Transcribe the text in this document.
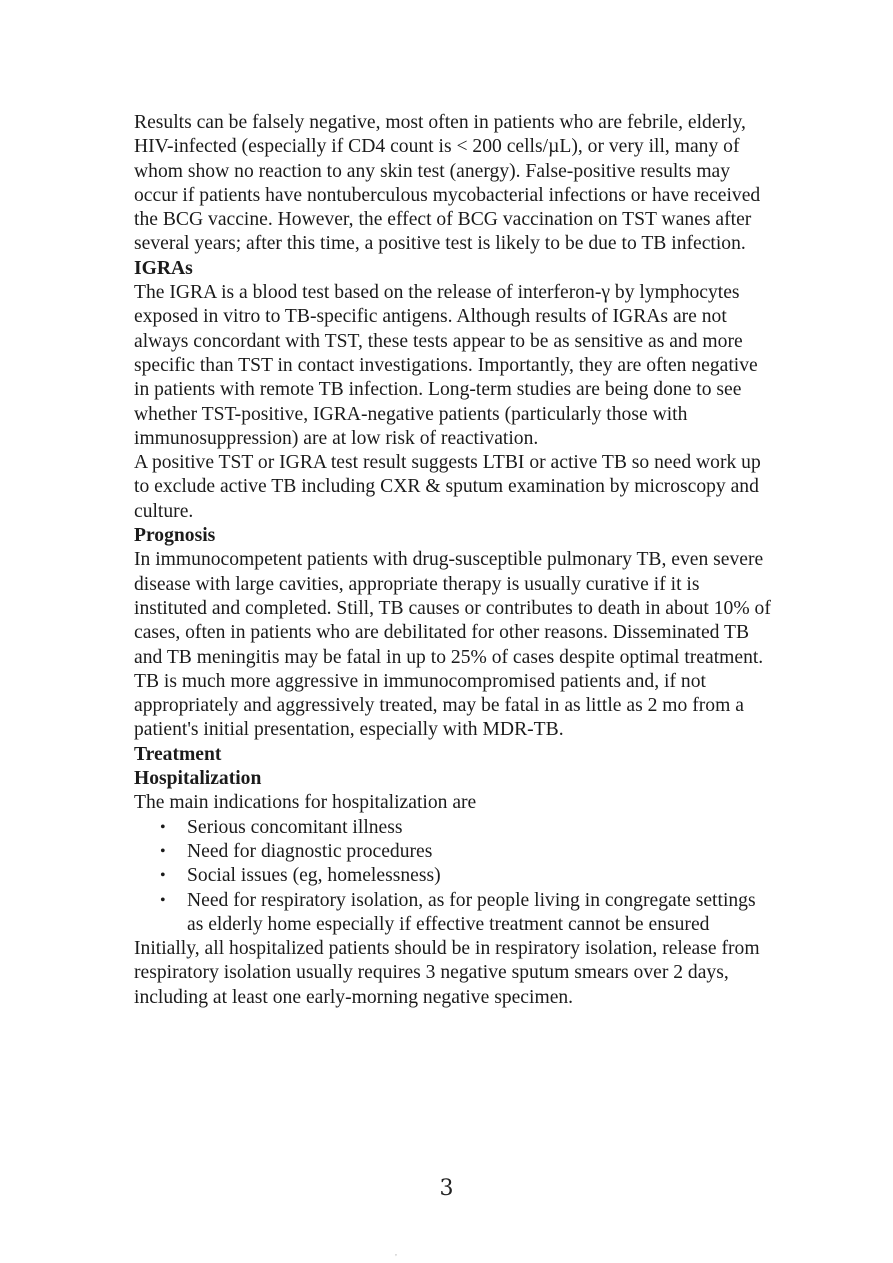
Results can be falsely negative, most often in patients who are febrile, elderly, HIV-infected (especially if CD4 count is < 200 cells/µL), or very ill, many of whom show no reaction to any skin test (anergy). False-positive results may occur if patients have nontuberculous mycobacterial infections or have received the BCG vaccine. However, the effect of BCG vaccination on TST wanes after several years; after this time, a positive test is likely to be due to TB infection.

IGRAs

The IGRA is a blood test based on the release of interferon-γ by lymphocytes exposed in vitro to TB-specific antigens. Although results of IGRAs are not always concordant with TST, these tests appear to be as sensitive as and more specific than TST in contact investigations. Importantly, they are often negative in patients with remote TB infection. Long-term studies are being done to see whether TST-positive, IGRA-negative patients (particularly those with immunosuppression) are at low risk of reactivation.

A positive TST or IGRA test result suggests LTBI or active TB so need work up to exclude active TB including CXR & sputum examination by microscopy and culture.

Prognosis

In immunocompetent patients with drug-susceptible pulmonary TB, even severe disease with large cavities, appropriate therapy is usually curative if it is instituted and completed. Still, TB causes or contributes to death in about 10% of cases, often in patients who are debilitated for other reasons. Disseminated TB and TB meningitis may be fatal in up to 25% of cases despite optimal treatment.

TB is much more aggressive in immunocompromised patients and, if not appropriately and aggressively treated, may be fatal in as little as 2 mo from a patient's initial presentation, especially with MDR-TB.

Treatment

Hospitalization

The main indications for hospitalization are

• Serious concomitant illness
• Need for diagnostic procedures
• Social issues (eg, homelessness)
• Need for respiratory isolation, as for people living in congregate settings as elderly home especially if effective treatment cannot be ensured

Initially, all hospitalized patients should be in respiratory isolation, release from respiratory isolation usually requires 3 negative sputum smears over 2 days, including at least one early-morning negative specimen.

3
,
